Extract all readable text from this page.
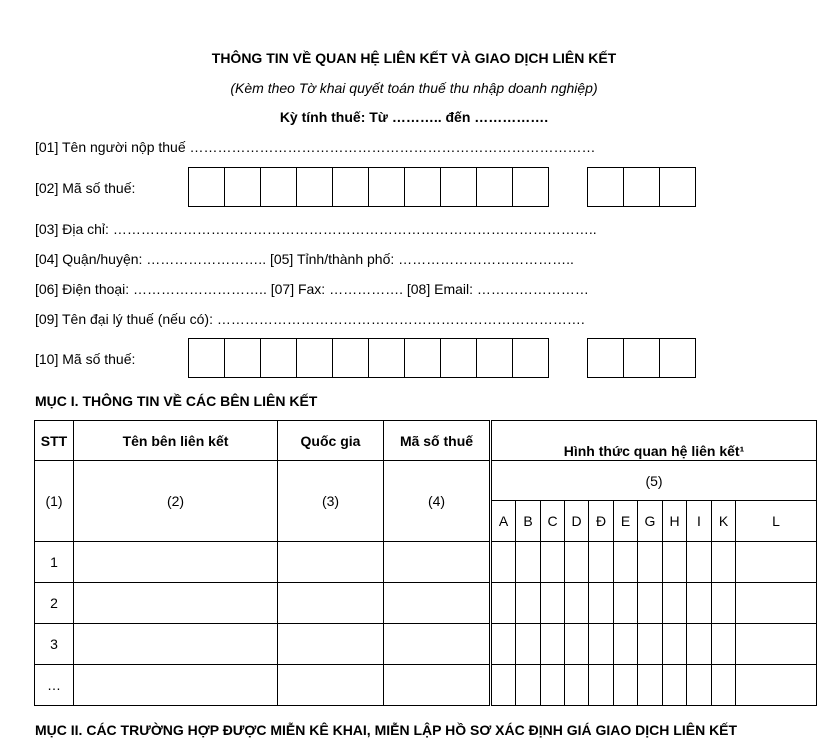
THÔNG TIN VỀ QUAN HỆ LIÊN KẾT VÀ GIAO DỊCH LIÊN KẾT
(Kèm theo Tờ khai quyết toán thuế thu nhập doanh nghiệp)
Kỳ tính thuế: Từ ……….. đến …………….
[01] Tên người nộp thuế ……………………………………………………………………………
[02] Mã số thuế:
[03] Địa chỉ: …………………………………………………………………………………………..
[04] Quận/huyện: …………………….. [05] Tỉnh/thành phố: ………………………………..
[06] Điện thoại: ……………………….. [07] Fax: ……………. [08] Email: ……………………
[09] Tên đại lý thuế (nếu có): …………………………………………………………………….
[10] Mã số thuế:
MỤC I. THÔNG TIN VỀ CÁC BÊN LIÊN KẾT
STT	Tên bên liên kết	Quốc gia	Mã số thuế		Hình thức quan hệ liên kết¹										
(1)	(2)	(3)	(4)		(5)										
					A	B	C	D	Đ	E	G	H	I	K	L
1															
2															
3															
…															
MỤC II. CÁC TRƯỜNG HỢP ĐƯỢC MIỄN KÊ KHAI, MIỄN LẬP HỒ SƠ XÁC ĐỊNH GIÁ GIAO DỊCH LIÊN KẾT
